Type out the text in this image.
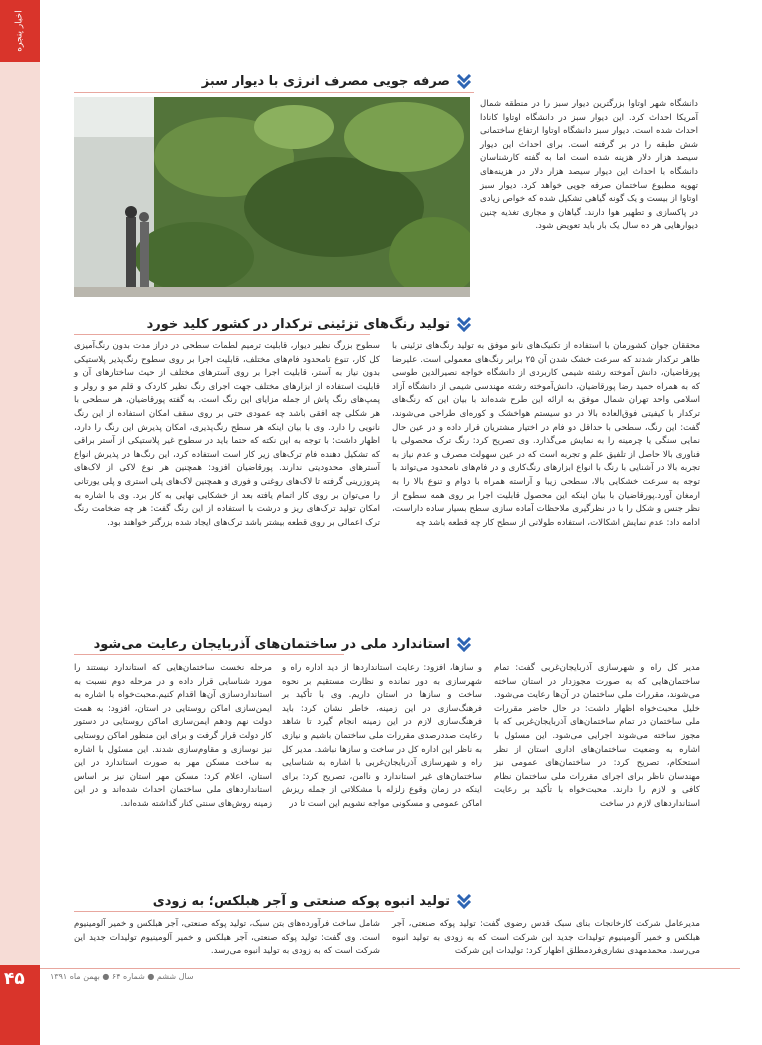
اخبار پنجره
صرفه جویی مصرف انرژی با دیوار سبز

دانشگاه شهر اوتاوا بزرگترین دیوار سبز را در منطقه شمال آمریکا احداث کرد. این دیوار سبز در دانشگاه اوتاوا کانادا احداث شده است. دیوار سبز دانشگاه اوتاوا ارتفاع ساختمانی شش طبقه را در بر گرفته است. برای احداث این دیوار سیصد هزار دلار هزینه شده است اما به گفته کارشناسان دانشگاه با احداث این دیوار سیصد هزار دلار در هزینه‌های تهویه مطبوع ساختمان صرفه جویی خواهد کرد. دیوار سبز اوتاوا از بیست و یک گونه گیاهی تشکیل شده که خواص زیادی در پاکسازی و تطهیر هوا دارند. گیاهان و مجاری تغذیه چنین دیوارهایی هر ده سال یک بار باید تعویض شود.

تولید رنگ‌های تزئینی ترکدار در کشور کلید خورد

محققان جوان کشورمان با استفاده از تکنیک‌های نانو موفق به تولید رنگ‌های تزئینی با ظاهر ترکدار شدند که سرعت خشک شدن آن ۲۵ برابر رنگ‌های معمولی است. علیرضا پورقاضیان، دانش آموخته رشته شیمی کاربردی از دانشگاه خواجه نصیرالدین طوسی که به همراه حمید رضا پورقاضیان، دانش‌آموخته رشته مهندسی شیمی از دانشگاه آزاد اسلامی واحد تهران شمال موفق به ارائه این طرح شده‌اند با بیان این که رنگ‌های ترکدار با کیفیتی فوق‌العاده بالا در دو سیستم هواخشک و کوره‌ای طراحی می‌شوند، گفت: این رنگ، سطحی با حداقل دو فام در اختیار مشتریان قرار داده و در عین حال نمایی سنگی یا چرمینه را به نمایش می‌گذارد. وی تصریح کرد: رنگ ترک محصولی با فناوری بالا حاصل از تلفیق علم و تجربه است که در عین سهولت مصرف و عدم نیاز به تجربه بالا در آشنایی با رنگ با انواع ابزارهای رنگ‌کاری و در فام‌های نامحدود می‌تواند با توجه به سرعت خشکایی بالا، سطحی زیبا و آراسته همراه با دوام و تنوع بالا را به ارمغان آورد.پورقاضیان با بیان اینکه این محصول قابلیت اجرا بر روی همه سطوح از نظر جنس و شکل را با در نظرگیری ملاحظات آماده سازی سطح بسیار ساده داراست، ادامه داد: عدم نمایش اشکالات، استفاده طولانی از سطح کار چه قطعه باشد چه

سطوح بزرگ نظیر دیوار، قابلیت ترمیم لطمات سطحی در دراز مدت بدون رنگ‌آمیزی کل کار، تنوع نامحدود فام‌های مختلف، قابلیت اجرا بر روی سطوح رنگ‌پذیر پلاستیکی بدون نیاز به آستر، قابلیت اجرا بر روی آسترهای مختلف از حیث ساختارهای آن و قابلیت استفاده از ابزارهای مختلف جهت اجرای رنگ نظیر کاردک و قلم مو و رولر و پمپ‌های رنگ پاش از جمله مزایای این رنگ است. به گفته پورقاضیان، هر سطحی با هر شکلی چه افقی باشد چه عمودی حتی بر روی سقف امکان استفاده از این رنگ نانویی را دارد. وی با بیان اینکه هر سطح رنگ‌پذیری، امکان پذیرش این رنگ را دارد، اظهار داشت: با توجه به این نکته که حتما باید در سطوح غیر پلاستیکی از آستر براقی که تشکیل دهنده فام ترک‌های زیر کار است استفاده کرد، این رنگ‌ها در پذیرش انواع آسترهای محدودیتی ندارند. پورقاضیان افزود: همچنین هر نوع لاکی از لاک‌های پتروزرینی گرفته تا لاک‌های روغنی و فوری و همچنین لاک‌های پلی استری و پلی یورتانی را می‌توان بر روی کار اتمام یافته بعد از خشکایی نهایی به کار برد. وی با اشاره به امکان تولید ترک‌های ریز و درشت با استفاده از این رنگ گفت: هر چه ضخامت رنگ ترک اعمالی بر روی قطعه بیشتر باشد ترک‌های ایجاد شده بزرگتر خواهند بود.

استاندارد ملی در ساختمان‌های آذربایجان رعایت می‌شود

مدیر کل راه و شهرسازی آذربایجان‌غربی گفت: تمام ساختمان‌هایی که به صورت مجوزدار در استان ساخته می‌شوند، مقررات ملی ساختمان در آن‌ها رعایت می‌شود. خلیل محبت‌خواه اظهار داشت: در حال حاضر مقررات ملی ساختمان در تمام ساختمان‌های آذربایجان‌غربی که با مجوز ساخته می‌شوند اجرایی می‌شود. این مسئول با اشاره به وضعیت ساختمان‌های اداری استان از نظر استحکام، تصریح کرد: در ساختمان‌های عمومی نیز مهندسان ناظر برای اجرای مقررات ملی ساختمان نظام کافی و لازم را دارند. محبت‌خواه با تأکید بر رعایت استانداردهای لازم در ساخت

و سازها، افزود: رعایت استانداردها از دید اداره راه و شهرسازی به دور نمانده و نظارت مستقیم بر نحوه ساخت و سازها در استان داریم. وی با تأکید بر فرهنگ‌سازی در این زمینه، خاطر نشان کرد: باید فرهنگ‌سازی لازم در این زمینه انجام گیرد تا شاهد رعایت صددرصدی مقررات ملی ساختمان باشیم و نیازی به ناظر این اداره کل در ساخت و سازها نباشد. مدیر کل راه و شهرسازی آذربایجان‌غربی با اشاره به شناسایی ساختمان‌های غیر استاندارد و ناامن، تصریح کرد: برای اینکه در زمان وقوع زلزله با مشکلاتی از جمله ریزش اماکن عمومی و مسکونی مواجه نشویم این است تا در

مرحله نخست ساختمان‌هایی که استاندارد نیستند را مورد شناسایی قرار داده و در مرحله دوم نسبت به استانداردسازی آن‌ها اقدام کنیم.محبت‌خواه با اشاره به ایمن‌سازی اماکن روستایی در استان، افزود: به همت دولت نهم ودهم ایمن‌سازی اماکن روستایی در دستور کار دولت قرار گرفت و برای این منظور اماکن روستایی نیز نوسازی و مقاوم‌سازی شدند. این مسئول با اشاره به ساخت مسکن مهر به صورت استاندارد در این استان، اعلام کرد: مسکن مهر استان نیز بر اساس استانداردهای ملی ساختمان احداث شده‌اند و در این زمینه روش‌های سنتی کنار گذاشته شده‌اند.

تولید انبوه پوکه صنعتی و آجر هبلکس؛ به زودی

مدیرعامل شرکت کارخانجات بنای سبک قدس رضوی گفت: تولید پوکه صنعتی، آجر هبلکس و خمیر آلومینیوم تولیدات جدید این شرکت است که به زودی به تولید انبوه می‌رسد. محمدمهدی نشاری‌فردمطلق اظهار کرد: تولیدات این شرکت

شامل ساخت فرآورده‌های بتن سبک، تولید پوکه صنعتی، آجر هبلکس و خمیر آلومینیوم است. وی گفت: تولید پوکه صنعتی، آجر هبلکس و خمیر آلومینیوم تولیدات جدید این شرکت است که به زودی به تولید انبوه می‌رسد.

۴۵	سال ششم ● شماره ۶۴ ● بهمن ماه ۱۳۹۱
